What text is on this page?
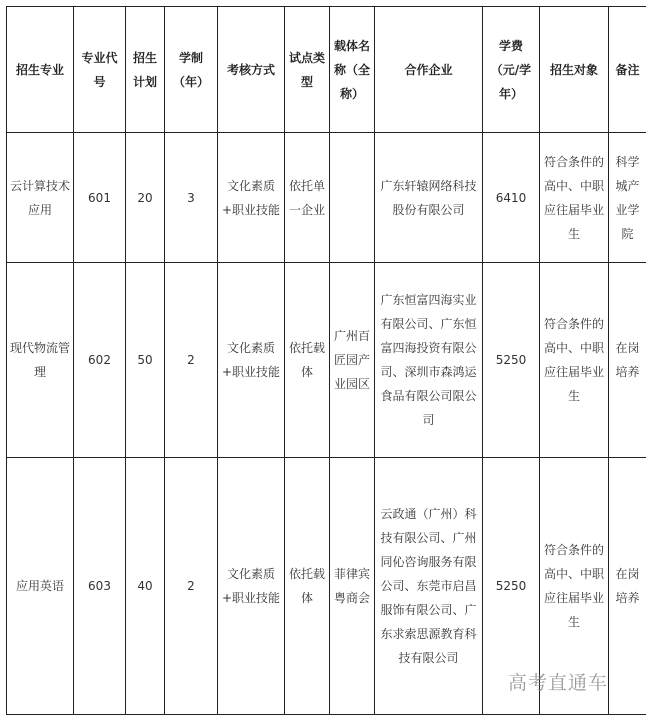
招生专业	专业代号	招生计划	学制（年）	考核方式	试点类型	载体名称（全称）	合作企业	学费（元/学年）	招生对象	备注
云计算技术应用	601	20	3	文化素质+职业技能	依托单一企业		广东轩辕网络科技股份有限公司	6410	符合条件的高中、中职应往届毕业生	科学城产业学院
现代物流管理	602	50	2	文化素质+职业技能	依托载体	广州百匠园产业园区	广东恒富四海实业有限公司、广东恒富四海投资有限公司、深圳市森鸿运食品有限公司限公司	5250	符合条件的高中、中职应往届毕业生	在岗培养
应用英语	603	40	2	文化素质+职业技能	依托载体	菲律宾粤商会	云政通（广州）科技有限公司、广州同伈咨询服务有限公司、东莞市启昌服饰有限公司、广东求索思源教育科技有限公司	5250	符合条件的高中、中职应往届毕业生	在岗培养
高考直通车
